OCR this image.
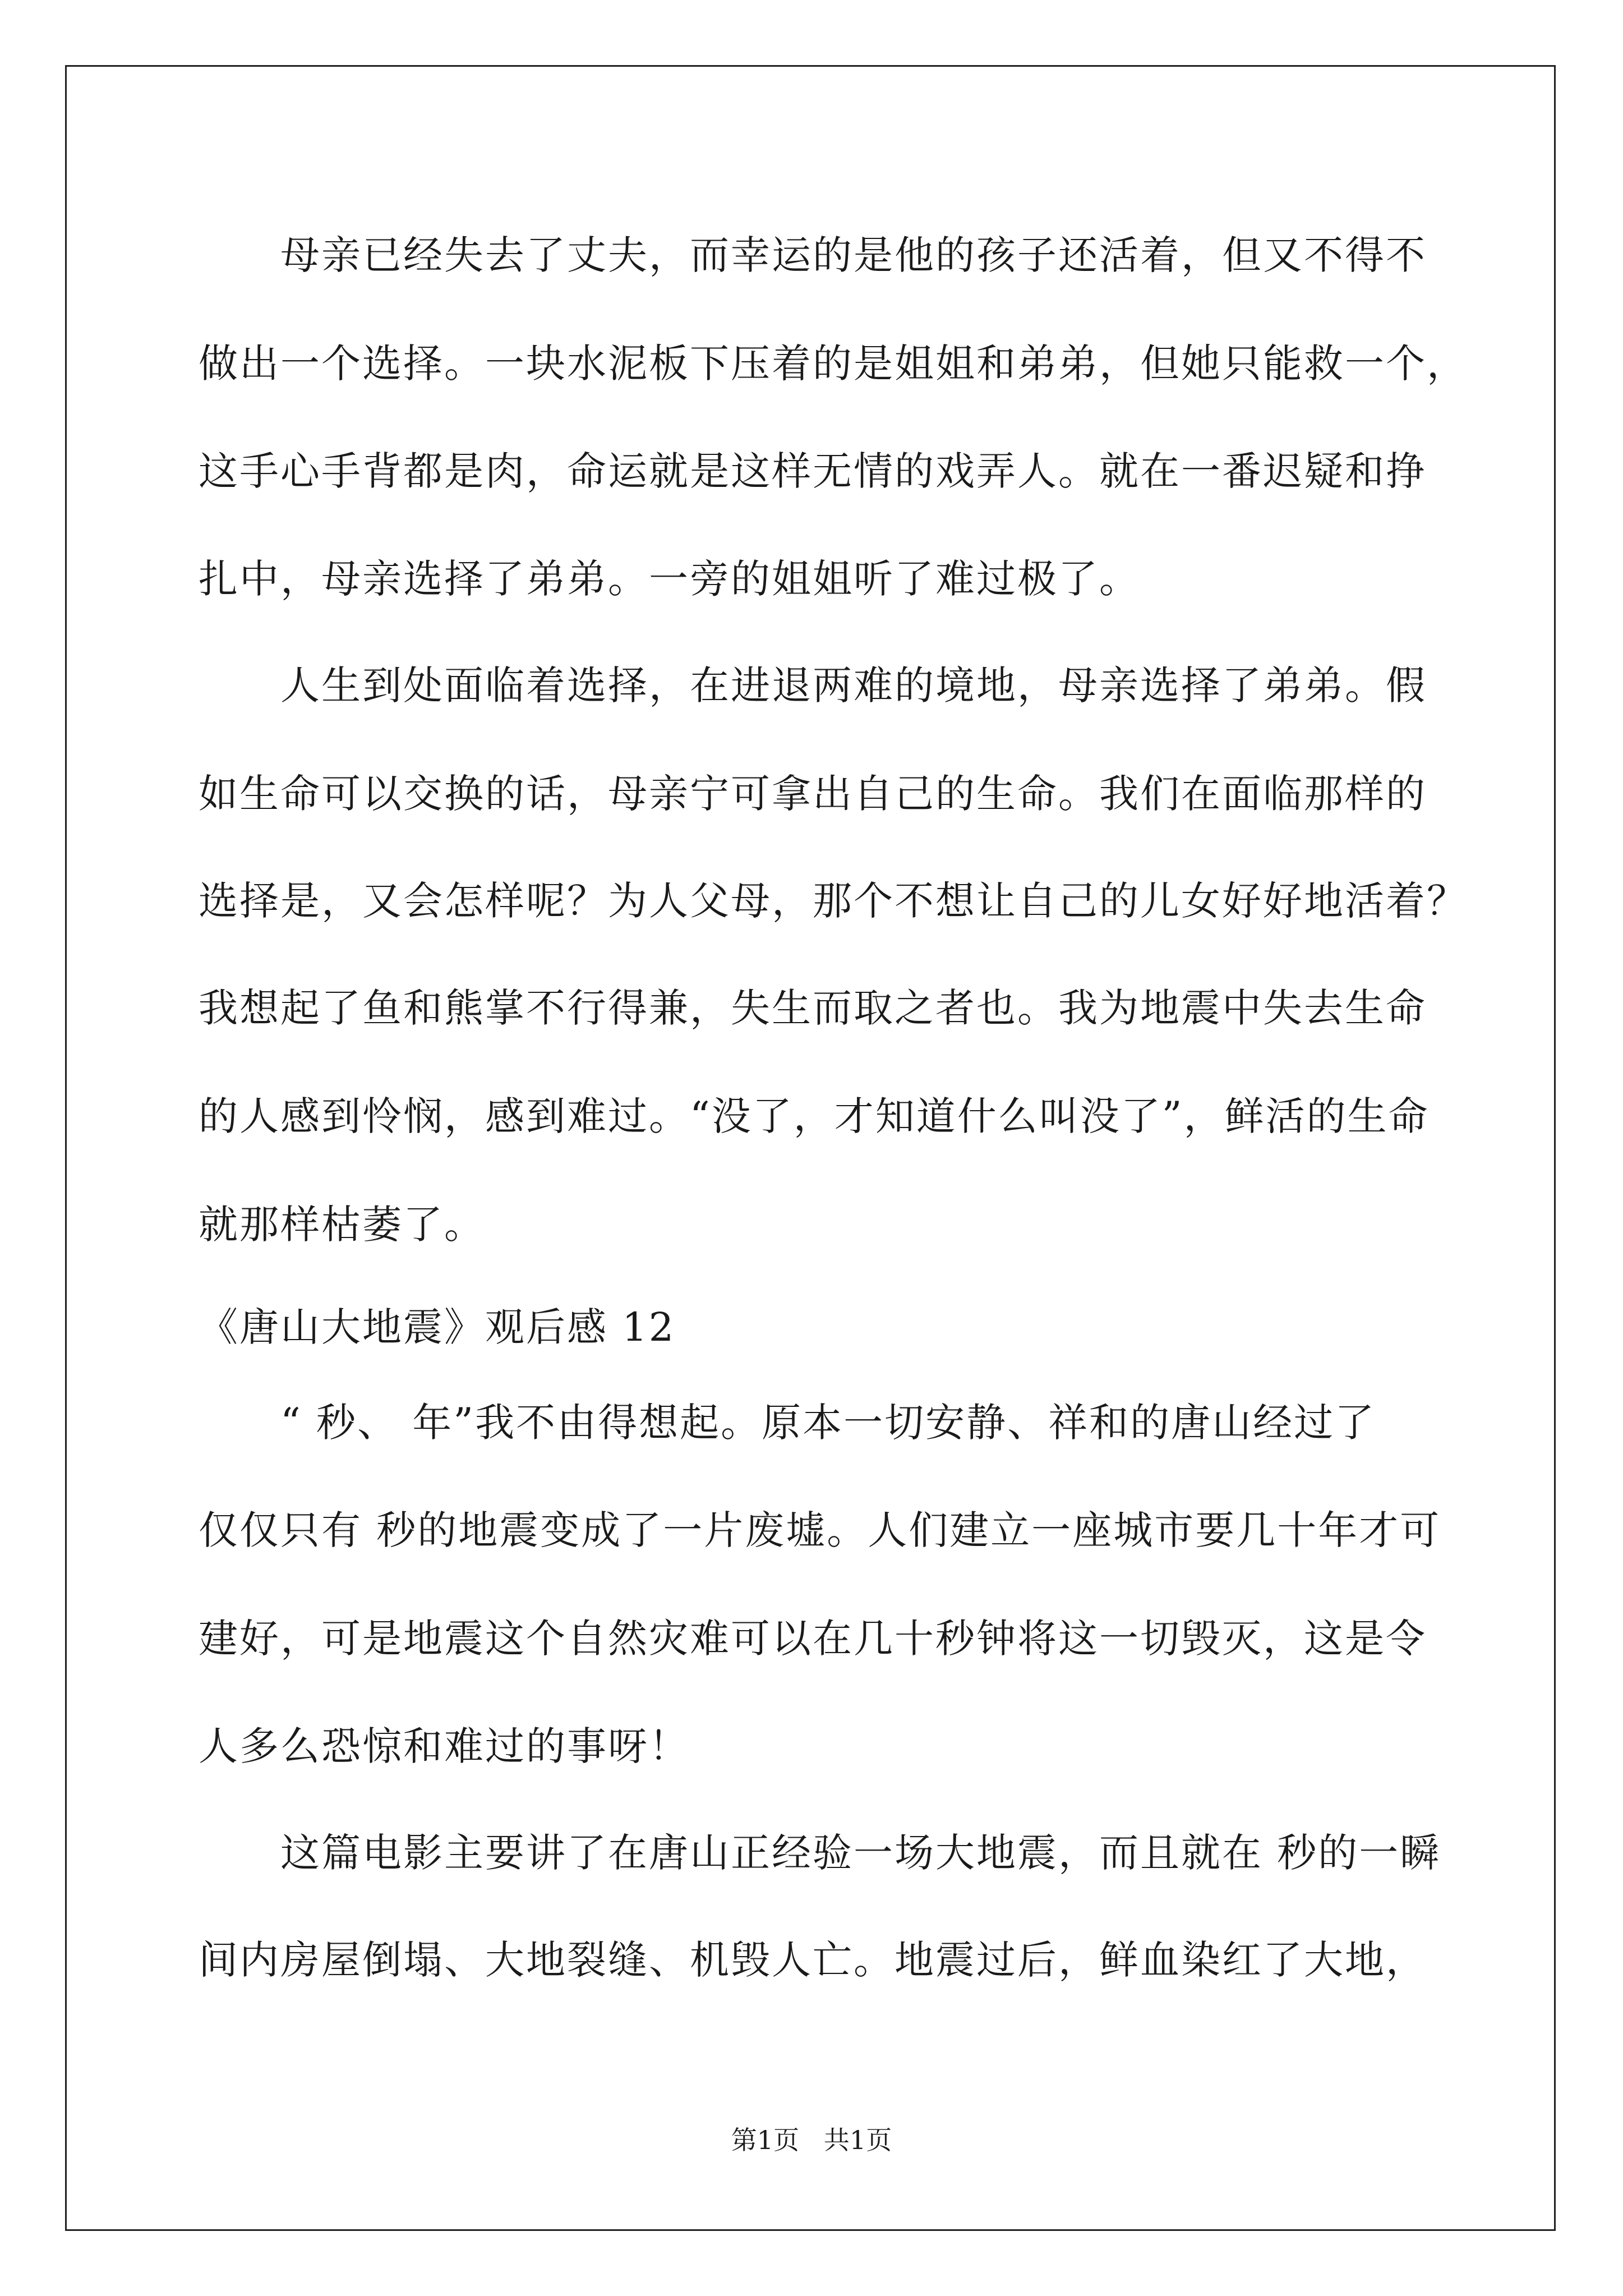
母亲已经失去了丈夫，而幸运的是他的孩子还活着，但又不得不

做出一个选择。一块水泥板下压着的是姐姐和弟弟，但她只能救一个，

这手心手背都是肉，命运就是这样无情的戏弄人。就在一番迟疑和挣

扎中，母亲选择了弟弟。一旁的姐姐听了难过极了。

人生到处面临着选择，在进退两难的境地，母亲选择了弟弟。假

如生命可以交换的话，母亲宁可拿出自己的生命。我们在面临那样的

选择是，又会怎样呢？为人父母，那个不想让自己的儿女好好地活着？

我想起了鱼和熊掌不行得兼，失生而取之者也。我为地震中失去生命

的人感到怜悯，感到难过。“没了，才知道什么叫没了”，鲜活的生命

就那样枯萎了。

《唐山大地震》观后感 12

“ 秒、 年”我不由得想起。原本一切安静、祥和的唐山经过了

仅仅只有 秒的地震变成了一片废墟。人们建立一座城市要几十年才可

建好，可是地震这个自然灾难可以在几十秒钟将这一切毁灭，这是令

人多么恐惊和难过的事呀！

这篇电影主要讲了在唐山正经验一场大地震，而且就在 秒的一瞬

间内房屋倒塌、大地裂缝、机毁人亡。地震过后，鲜血染红了大地，

第1页   共1页
